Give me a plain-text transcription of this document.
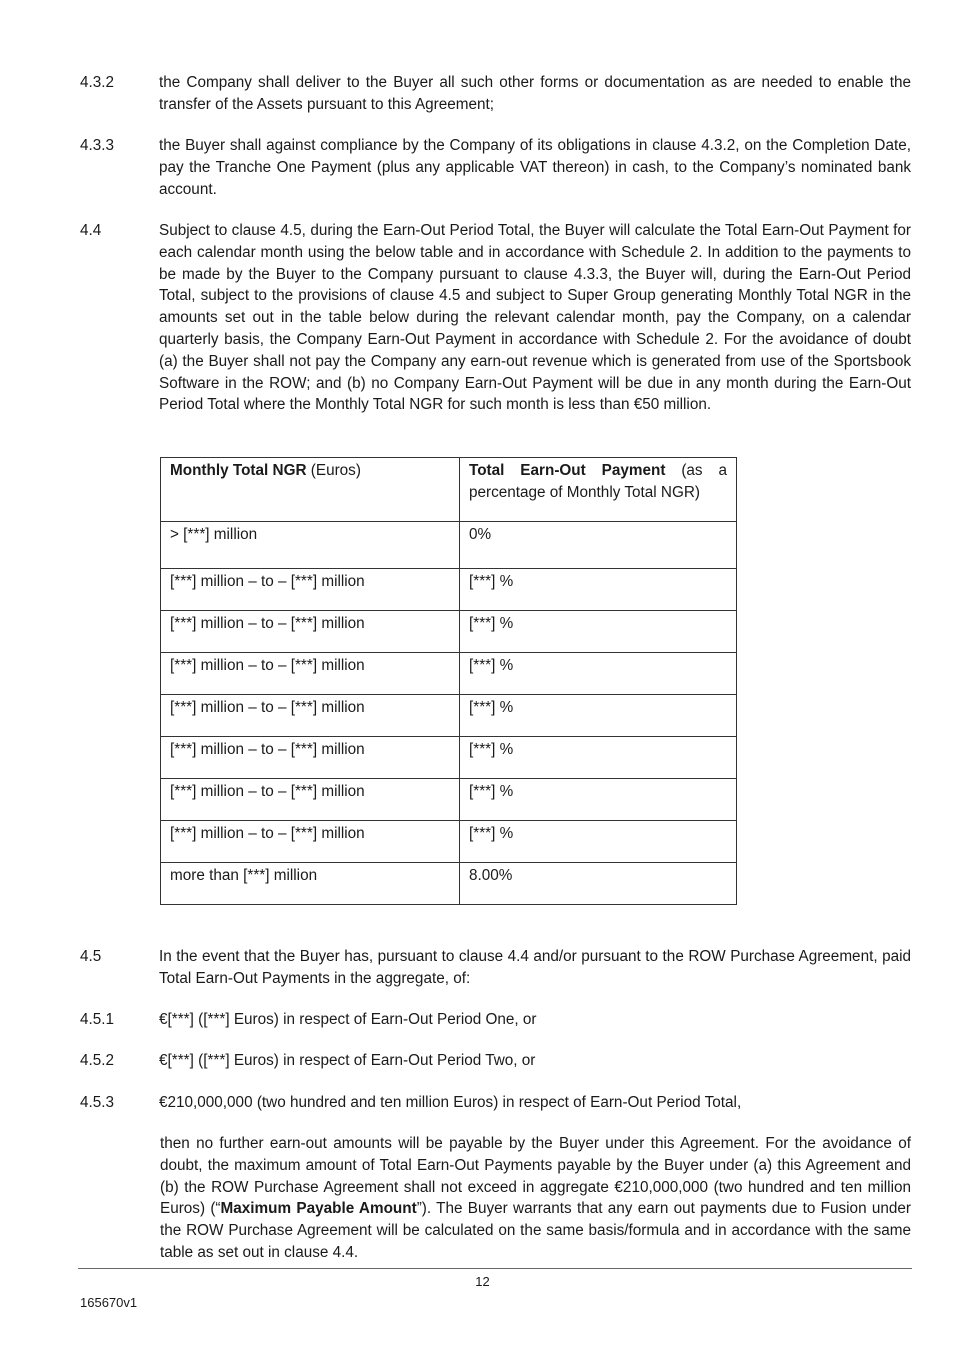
4.3.2	the Company shall deliver to the Buyer all such other forms or documentation as are needed to enable the transfer of the Assets pursuant to this Agreement;
4.3.3	the Buyer shall against compliance by the Company of its obligations in clause 4.3.2, on the Completion Date, pay the Tranche One Payment (plus any applicable VAT thereon) in cash, to the Company’s nominated bank account.
4.4	Subject to clause 4.5, during the Earn-Out Period Total, the Buyer will calculate the Total Earn-Out Payment for each calendar month using the below table and in accordance with Schedule 2. In addition to the payments to be made by the Buyer to the Company pursuant to clause 4.3.3, the Buyer will, during the Earn-Out Period Total, subject to the provisions of clause 4.5 and subject to Super Group generating Monthly Total NGR in the amounts set out in the table below during the relevant calendar month, pay the Company, on a calendar quarterly basis, the Company Earn-Out Payment in accordance with Schedule 2. For the avoidance of doubt (a) the Buyer shall not pay the Company any earn-out revenue which is generated from use of the Sportsbook Software in the ROW; and (b) no Company Earn-Out Payment will be due in any month during the Earn-Out Period Total where the Monthly Total NGR for such month is less than €50 million.
Monthly Total NGR (Euros)	Total Earn-Out Payment (as a
percentage of Monthly Total NGR)

> [***] million	0%
[***] million – to – [***] million	[***] %
[***] million – to – [***] million	[***] %
[***] million – to – [***] million	[***] %
[***] million – to – [***] million	[***] %
[***] million – to – [***] million	[***] %
[***] million – to – [***] million	[***] %
[***] million – to – [***] million	[***] %
more than [***] million	8.00%
4.5	In the event that the Buyer has, pursuant to clause 4.4 and/or pursuant to the ROW Purchase Agreement, paid Total Earn-Out Payments in the aggregate, of:
4.5.1	€[***] ([***] Euros) in respect of Earn-Out Period One, or
4.5.2	€[***] ([***] Euros) in respect of Earn-Out Period Two, or
4.5.3	€210,000,000 (two hundred and ten million Euros) in respect of Earn-Out Period Total,
then no further earn-out amounts will be payable by the Buyer under this Agreement. For the avoidance of doubt, the maximum amount of Total Earn-Out Payments payable by the Buyer under (a) this Agreement and (b) the ROW Purchase Agreement shall not exceed in aggregate €210,000,000 (two hundred and ten million Euros) (“Maximum Payable Amount”). The Buyer warrants that any earn out payments due to Fusion under the ROW Purchase Agreement will be calculated on the same basis/formula and in accordance with the same table as set out in clause 4.4.
12
165670v1
